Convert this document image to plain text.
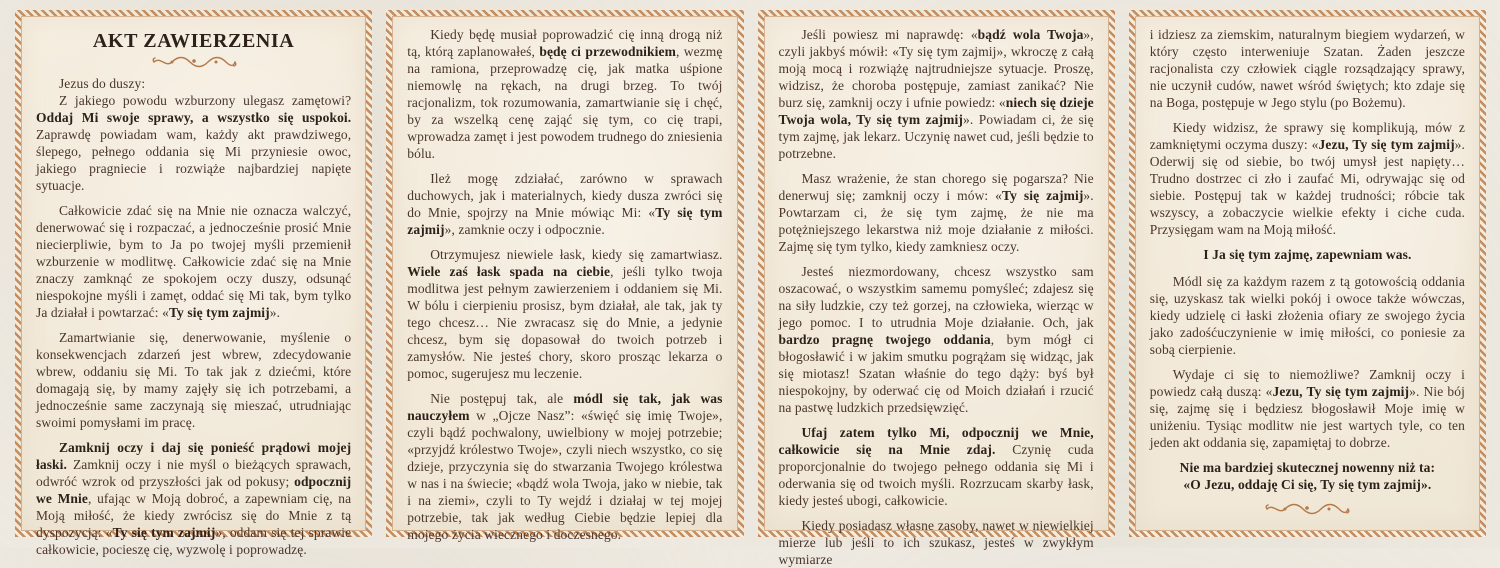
AKT ZAWIERZENIA

Jezus do duszy:

Z jakiego powodu wzburzony ulegasz zamętowi? Oddaj Mi swoje sprawy, a wszystko się uspokoi. Zaprawdę powiadam wam, każdy akt prawdziwego, ślepego, pełnego oddania się Mi przyniesie owoc, jakiego pragniecie i rozwiąże najbardziej napięte sytuacje.

Całkowicie zdać się na Mnie nie oznacza walczyć, denerwować się i rozpaczać, a jednocześnie prosić Mnie niecierpliwie, bym to Ja po twojej myśli przemienił wzburzenie w modlitwę. Całkowicie zdać się na Mnie znaczy zamknąć ze spokojem oczy duszy, odsunąć niespokojne myśli i zamęt, oddać się Mi tak, bym tylko Ja działał i powtarzać: «Ty się tym zajmij».

Zamartwianie się, denerwowanie, myślenie o konsekwencjach zdarzeń jest wbrew, zdecydowanie wbrew, oddaniu się Mi. To tak jak z dziećmi, które domagają się, by mamy zajęły się ich potrzebami, a jednocześnie same zaczynają się mieszać, utrudniając swoimi pomysłami im pracę.

Zamknij oczy i daj się ponieść prądowi mojej łaski. Zamknij oczy i nie myśl o bieżących sprawach, odwróć wzrok od przyszłości jak od pokusy; odpocznij we Mnie, ufając w Moją dobroć, a zapewniam cię, na Moją miłość, że kiedy zwrócisz się do Mnie z tą dyspozycją: «Ty się tym zajmij», oddam się tej sprawie całkowicie, pocieszę cię, wyzwolę i poprowadzę.

Kiedy będę musiał poprowadzić cię inną drogą niż tą, którą zaplanowałeś, będę ci przewodnikiem, wezmę na ramiona, przeprowadzę cię, jak matka uśpione niemowlę na rękach, na drugi brzeg. To twój racjonalizm, tok rozumowania, zamartwianie się i chęć, by za wszelką cenę zająć się tym, co cię trapi, wprowadza zamęt i jest powodem trudnego do zniesienia bólu.

Ileż mogę zdziałać, zarówno w sprawach duchowych, jak i materialnych, kiedy dusza zwróci się do Mnie, spojrzy na Mnie mówiąc Mi: «Ty się tym zajmij», zamknie oczy i odpocznie.

Otrzymujesz niewiele łask, kiedy się zamartwiasz. Wiele zaś łask spada na ciebie, jeśli tylko twoja modlitwa jest pełnym zawierzeniem i oddaniem się Mi. W bólu i cierpieniu prosisz, bym działał, ale tak, jak ty tego chcesz… Nie zwracasz się do Mnie, a jedynie chcesz, bym się dopasował do twoich potrzeb i zamysłów. Nie jesteś chory, skoro prosząc lekarza o pomoc, sugerujesz mu leczenie.

Nie postępuj tak, ale módl się tak, jak was nauczyłem w „Ojcze Nasz”: «święć się imię Twoje», czyli bądź pochwalony, uwielbiony w mojej potrzebie; «przyjdź królestwo Twoje», czyli niech wszystko, co się dzieje, przyczynia się do stwarzania Twojego królestwa w nas i na świecie; «bądź wola Twoja, jako w niebie, tak i na ziemi», czyli to Ty wejdź i działaj w tej mojej potrzebie, tak jak według Ciebie będzie lepiej dla mojego życia wiecznego i doczesnego.

Jeśli powiesz mi naprawdę: «bądź wola Twoja», czyli jakbyś mówił: «Ty się tym zajmij», wkroczę z całą moją mocą i rozwiążę najtrudniejsze sytuacje. Proszę, widzisz, że choroba postępuje, zamiast zanikać? Nie burz się, zamknij oczy i ufnie powiedz: «niech się dzieje Twoja wola, Ty się tym zajmij». Powiadam ci, że się tym zajmę, jak lekarz. Uczynię nawet cud, jeśli będzie to potrzebne.

Masz wrażenie, że stan chorego się pogarsza? Nie denerwuj się; zamknij oczy i mów: «Ty się zajmij». Powtarzam ci, że się tym zajmę, że nie ma potężniejszego lekarstwa niż moje działanie z miłości. Zajmę się tym tylko, kiedy zamkniesz oczy.

Jesteś niezmordowany, chcesz wszystko sam oszacować, o wszystkim samemu pomyśleć; zdajesz się na siły ludzkie, czy też gorzej, na człowieka, wierząc w jego pomoc. I to utrudnia Moje działanie. Och, jak bardzo pragnę twojego oddania, bym mógł ci błogosławić i w jakim smutku pogrążam się widząc, jak się miotasz! Szatan właśnie do tego dąży: byś był niespokojny, by oderwać cię od Moich działań i rzucić na pastwę ludzkich przedsięwzięć.

Ufaj zatem tylko Mi, odpocznij we Mnie, całkowicie się na Mnie zdaj. Czynię cuda proporcjonalnie do twojego pełnego oddania się Mi i oderwania się od twoich myśli. Rozrzucam skarby łask, kiedy jesteś ubogi, całkowicie.

Kiedy posiadasz własne zasoby, nawet w niewielkiej mierze lub jeśli to ich szukasz, jesteś w zwykłym wymiarze

i idziesz za ziemskim, naturalnym biegiem wydarzeń, w który często interweniuje Szatan. Żaden jeszcze racjonalista czy człowiek ciągle rozsądzający sprawy, nie uczynił cudów, nawet wśród świętych; kto zdaje się na Boga, postępuje w Jego stylu (po Bożemu).

Kiedy widzisz, że sprawy się komplikują, mów z zamkniętymi oczyma duszy: «Jezu, Ty się tym zajmij». Oderwij się od siebie, bo twój umysł jest napięty… Trudno dostrzec ci zło i zaufać Mi, odrywając się od siebie. Postępuj tak w każdej trudności; róbcie tak wszyscy, a zobaczycie wielkie efekty i ciche cuda. Przysięgam wam na Moją miłość.

I Ja się tym zajmę, zapewniam was.

Módl się za każdym razem z tą gotowością oddania się, uzyskasz tak wielki pokój i owoce także wówczas, kiedy udzielę ci łaski złożenia ofiary ze swojego życia jako zadośćuczynienie w imię miłości, co poniesie za sobą cierpienie.

Wydaje ci się to niemożliwe? Zamknij oczy i powiedz całą duszą: «Jezu, Ty się tym zajmij». Nie bój się, zajmę się i będziesz błogosławił Moje imię w uniżeniu. Tysiąc modlitw nie jest wartych tyle, co ten jeden akt oddania się, zapamiętaj to dobrze.

Nie ma bardziej skutecznej nowenny niż ta:
«O Jezu, oddaję Ci się, Ty się tym zajmij».
